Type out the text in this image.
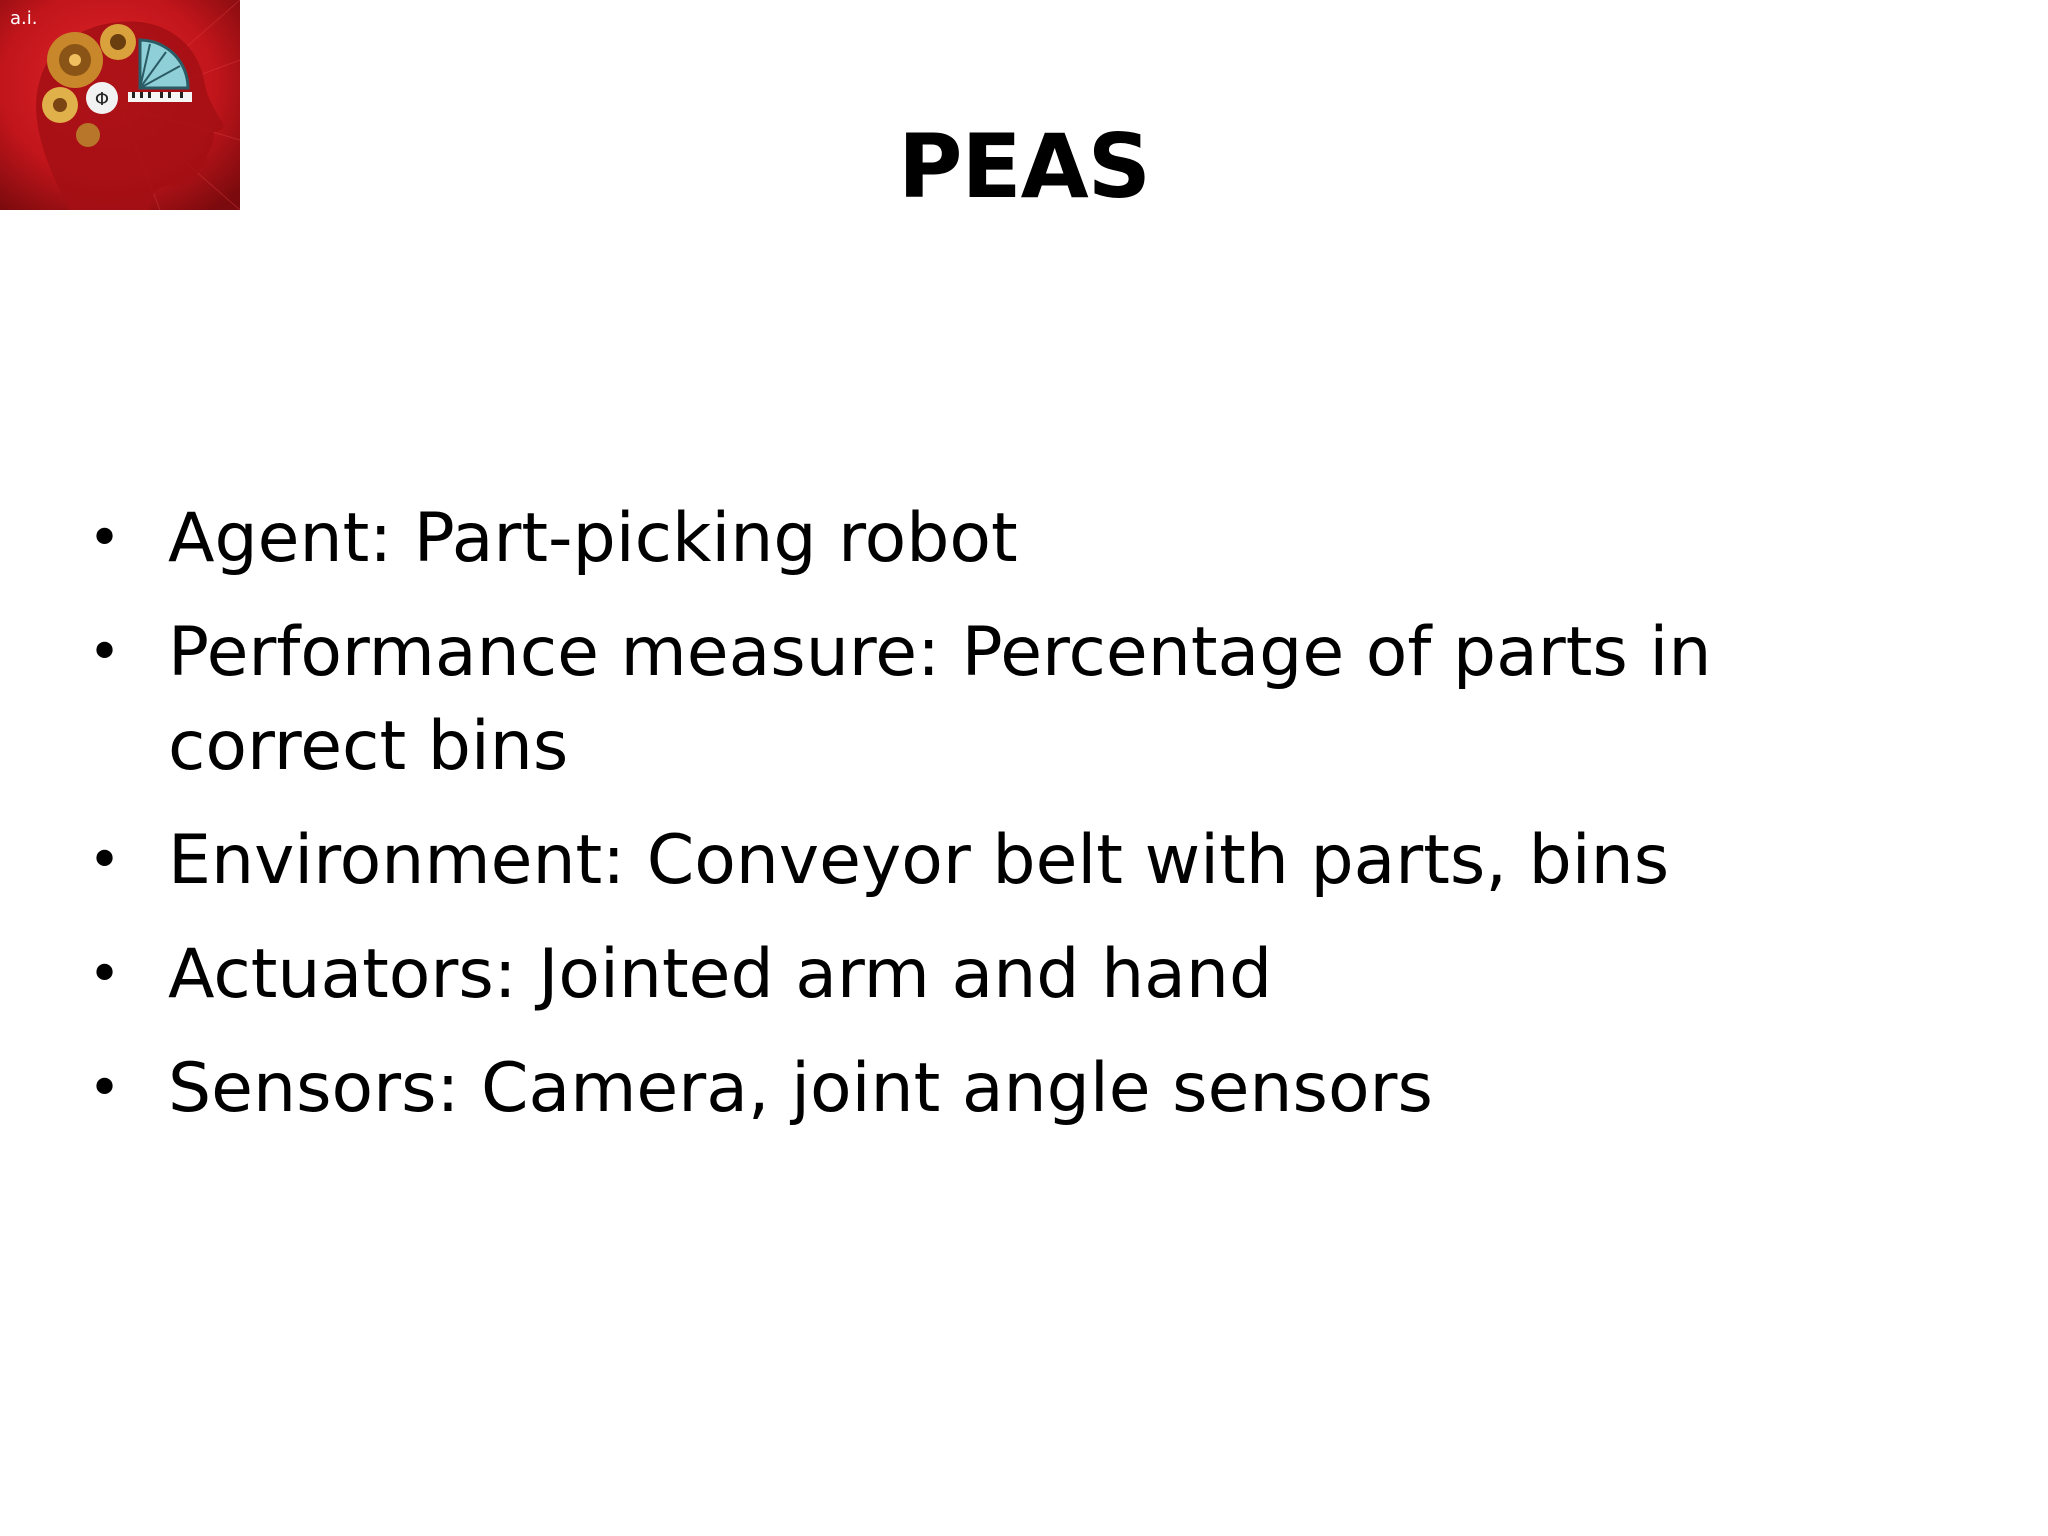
Φ
a.i.
PEAS
• Agent: Part-picking robot
• Performance measure: Percentage of parts in correct bins
• Environment: Conveyor belt with parts, bins
• Actuators: Jointed arm and hand
• Sensors: Camera, joint angle sensors
